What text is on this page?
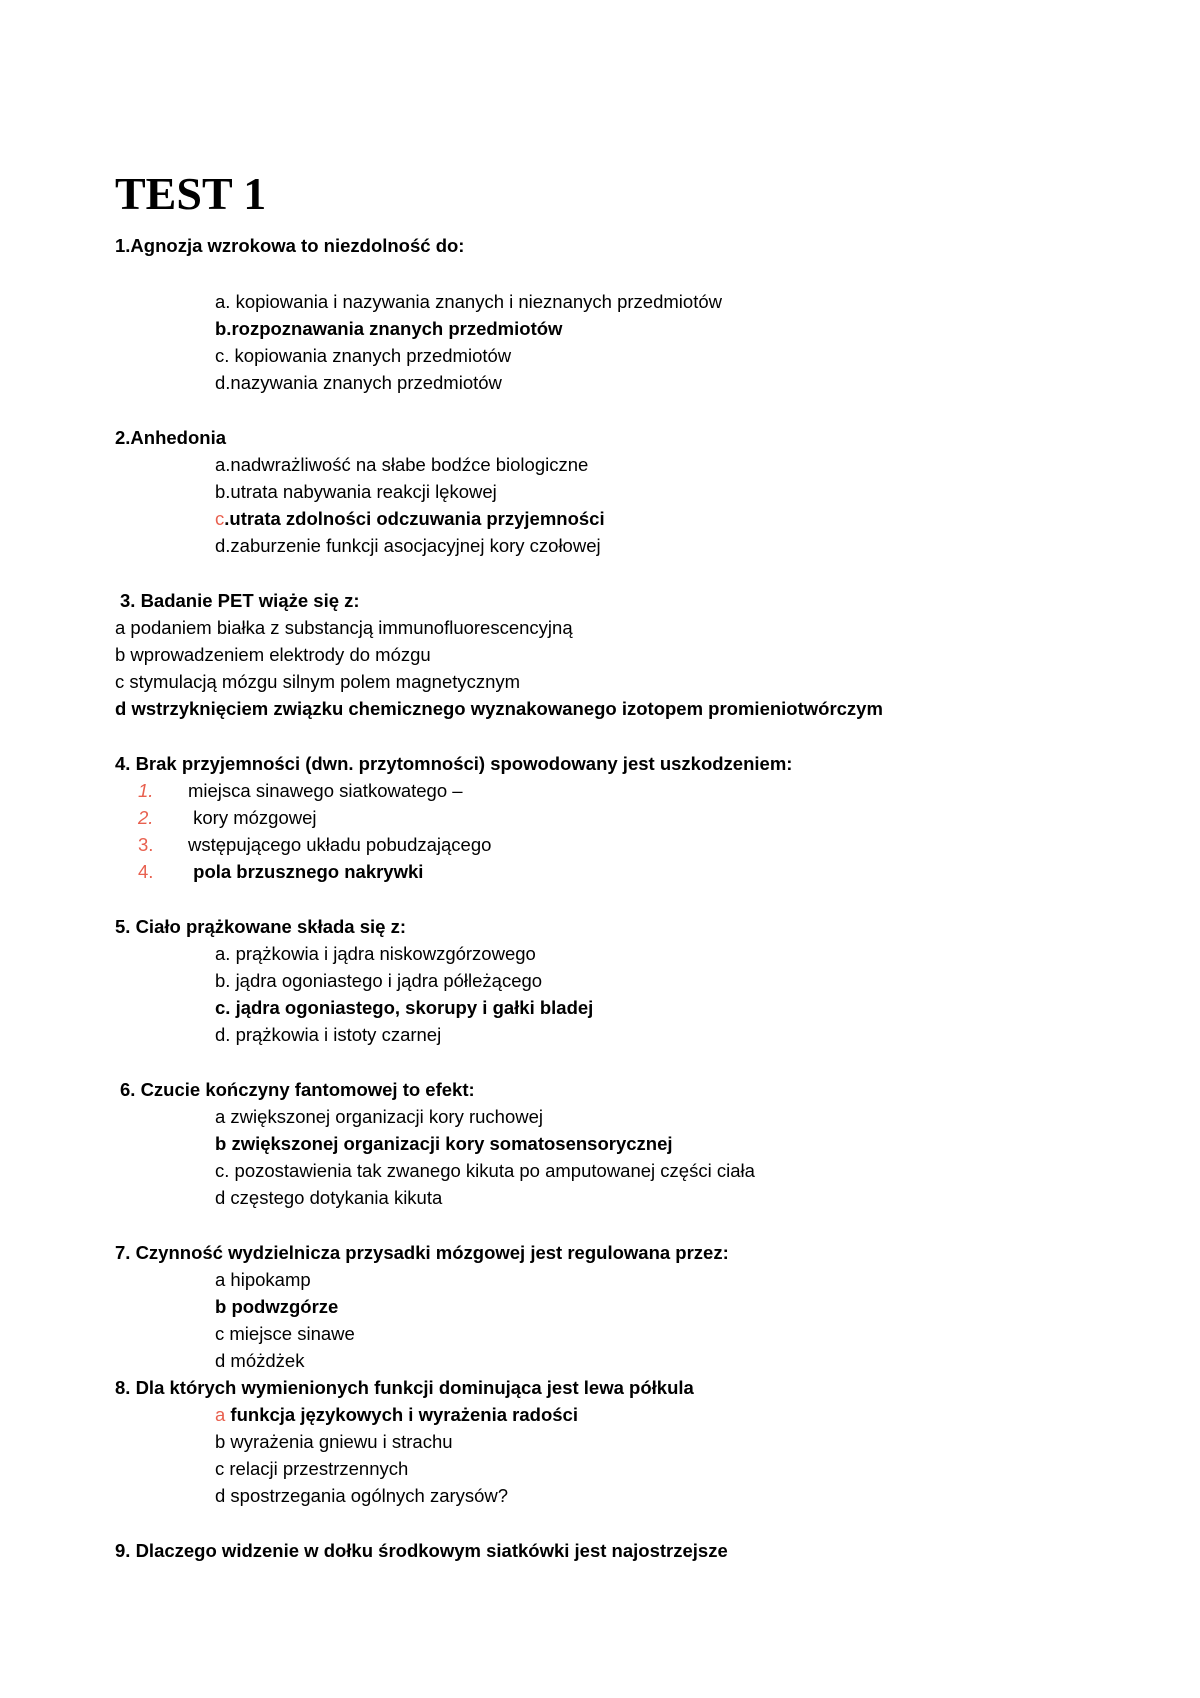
TEST 1
1.Agnozja wzrokowa to niezdolność do:
a. kopiowania i nazywania znanych i nieznanych przedmiotów
b.rozpoznawania znanych przedmiotów
c. kopiowania znanych przedmiotów
d.nazywania znanych przedmiotów
2.Anhedonia
a.nadwrażliwość na słabe bodźce biologiczne
b.utrata nabywania reakcji lękowej
c.utrata zdolności odczuwania przyjemności
d.zaburzenie funkcji asocjacyjnej kory czołowej
3. Badanie PET wiąże się z:
a podaniem białka z substancją immunofluorescencyjną
b wprowadzeniem elektrody do mózgu
c stymulacją mózgu silnym polem magnetycznym
d wstrzyknięciem związku chemicznego wyznakowanego izotopem promieniotwórczym
4. Brak przyjemności (dwn. przytomności) spowodowany jest uszkodzeniem:
1. miejsca sinawego siatkowatego –
2. kory mózgowej
3. wstępującego układu pobudzającego
4. pola brzusznego nakrywki
5. Ciało prążkowane składa się z:
a. prążkowia i jądra niskowzgórzowego
b. jądra ogoniastego i jądra półleżącego
c. jądra ogoniastego, skorupy i gałki bladej
d. prążkowia i istoty czarnej
6. Czucie kończyny fantomowej to efekt:
a zwiększonej organizacji kory ruchowej
b zwiększonej organizacji kory somatosensorycznej
c. pozostawienia tak zwanego kikuta po amputowanej części ciała
d częstego dotykania kikuta
7. Czynność wydzielnicza przysadki mózgowej jest regulowana przez:
a hipokamp
b podwzgórze
c miejsce sinawe
d móżdżek
8. Dla których wymienionych funkcji dominująca jest lewa półkula
a funkcja językowych i wyrażenia radości
b wyrażenia gniewu i strachu
c relacji przestrzennych
d spostrzegania ogólnych zarysów?
9. Dlaczego widzenie w dołku środkowym siatkówki jest najostrzejsze
